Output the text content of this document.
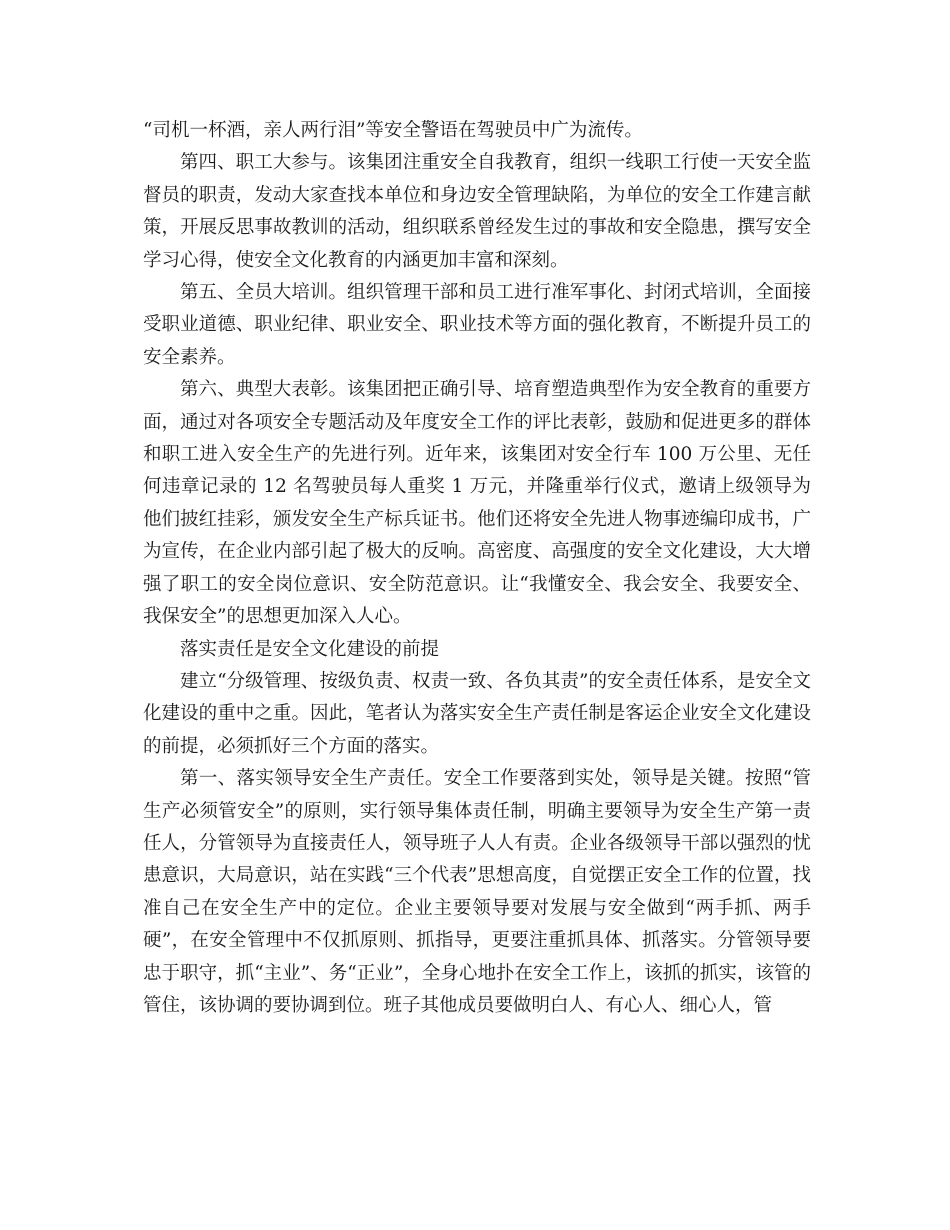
“司机一杯酒，亲人两行泪”等安全警语在驾驶员中广为流传。

第四、职工大参与。该集团注重安全自我教育，组织一线职工行使一天安全监督员的职责，发动大家查找本单位和身边安全管理缺陷，为单位的安全工作建言献策，开展反思事故教训的活动，组织联系曾经发生过的事故和安全隐患，撰写安全学习心得，使安全文化教育的内涵更加丰富和深刻。

第五、全员大培训。组织管理干部和员工进行准军事化、封闭式培训，全面接受职业道德、职业纪律、职业安全、职业技术等方面的强化教育，不断提升员工的安全素养。

第六、典型大表彰。该集团把正确引导、培育塑造典型作为安全教育的重要方面，通过对各项安全专题活动及年度安全工作的评比表彰，鼓励和促进更多的群体和职工进入安全生产的先进行列。近年来，该集团对安全行车 100 万公里、无任何违章记录的 12 名驾驶员每人重奖 1 万元，并隆重举行仪式，邀请上级领导为他们披红挂彩，颁发安全生产标兵证书。他们还将安全先进人物事迹编印成书，广为宣传，在企业内部引起了极大的反响。高密度、高强度的安全文化建设，大大增强了职工的安全岗位意识、安全防范意识。让“我懂安全、我会安全、我要安全、我保安全”的思想更加深入人心。

落实责任是安全文化建设的前提

建立“分级管理、按级负责、权责一致、各负其责”的安全责任体系，是安全文化建设的重中之重。因此，笔者认为落实安全生产责任制是客运企业安全文化建设的前提，必须抓好三个方面的落实。

第一、落实领导安全生产责任。安全工作要落到实处，领导是关键。按照“管生产必须管安全”的原则，实行领导集体责任制，明确主要领导为安全生产第一责任人，分管领导为直接责任人，领导班子人人有责。企业各级领导干部以强烈的忧患意识，大局意识，站在实践“三个代表”思想高度，自觉摆正安全工作的位置，找准自己在安全生产中的定位。企业主要领导要对发展与安全做到“两手抓、两手硬”，在安全管理中不仅抓原则、抓指导，更要注重抓具体、抓落实。分管领导要忠于职守，抓“主业”、务“正业”，全身心地扑在安全工作上，该抓的抓实，该管的管住，该协调的要协调到位。班子其他成员要做明白人、有心人、细心人，管
